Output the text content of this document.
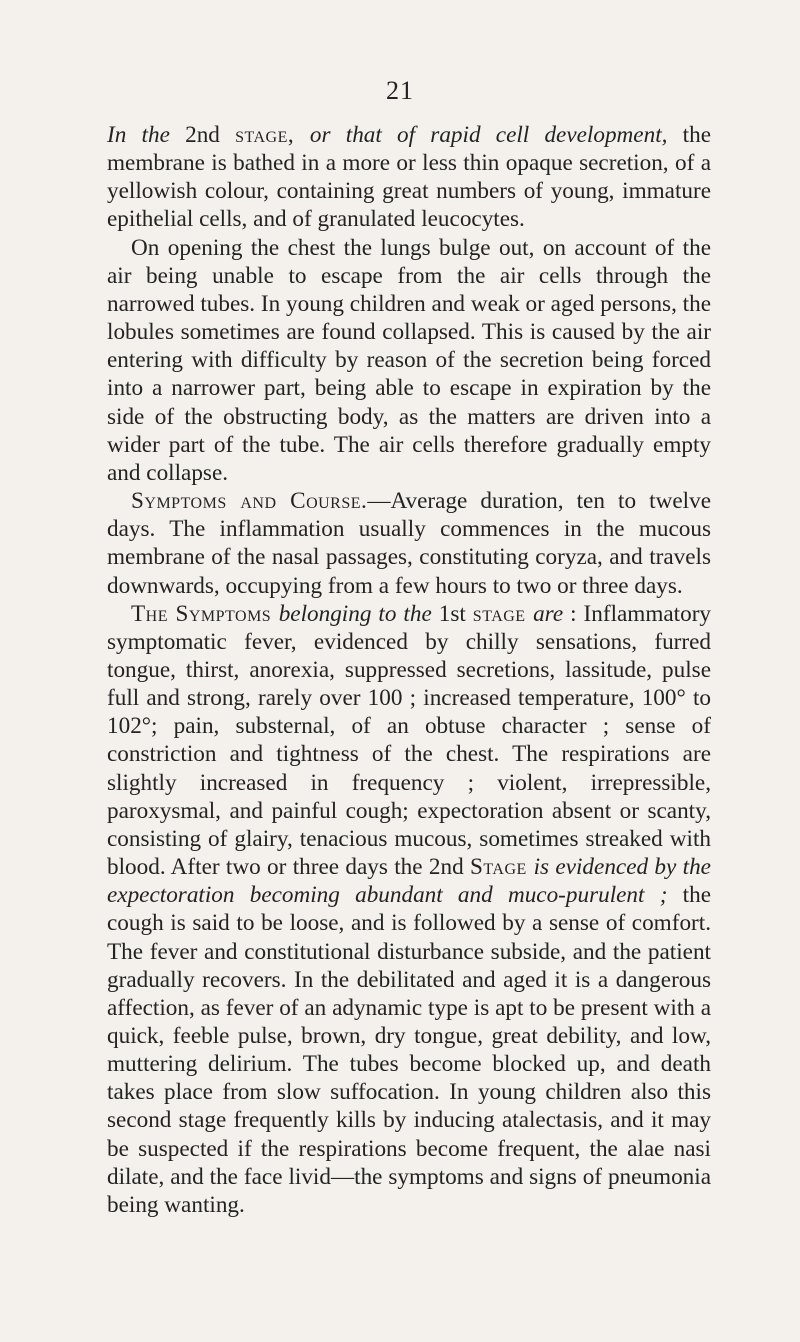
21

In the 2nd stage, or that of rapid cell development, the membrane is bathed in a more or less thin opaque secretion, of a yellowish colour, containing great numbers of young, immature epithelial cells, and of granulated leucocytes.

On opening the chest the lungs bulge out, on account of the air being unable to escape from the air cells through the narrowed tubes. In young children and weak or aged persons, the lobules sometimes are found collapsed. This is caused by the air entering with difficulty by reason of the secretion being forced into a narrower part, being able to escape in expiration by the side of the obstructing body, as the matters are driven into a wider part of the tube. The air cells therefore gradually empty and collapse.

Symptoms and Course.—Average duration, ten to twelve days. The inflammation usually commences in the mucous membrane of the nasal passages, constituting coryza, and travels downwards, occupying from a few hours to two or three days.

The Symptoms belonging to the 1st stage are : Inflammatory symptomatic fever, evidenced by chilly sensations, furred tongue, thirst, anorexia, suppressed secretions, lassitude, pulse full and strong, rarely over 100 ; increased temperature, 100° to 102°; pain, substernal, of an obtuse character ; sense of constriction and tightness of the chest. The respirations are slightly increased in frequency ; violent, irrepressible, paroxysmal, and painful cough; expectoration absent or scanty, consisting of glairy, tenacious mucous, sometimes streaked with blood. After two or three days the 2nd Stage is evidenced by the expectoration becoming abundant and muco-purulent ; the cough is said to be loose, and is followed by a sense of comfort. The fever and constitutional disturbance subside, and the patient gradually recovers. In the debilitated and aged it is a dangerous affection, as fever of an adynamic type is apt to be present with a quick, feeble pulse, brown, dry tongue, great debility, and low, muttering delirium. The tubes become blocked up, and death takes place from slow suffocation. In young children also this second stage frequently kills by inducing atalectasis, and it may be suspected if the respirations become frequent, the alae nasi dilate, and the face livid—the symptoms and signs of pneumonia being wanting.
